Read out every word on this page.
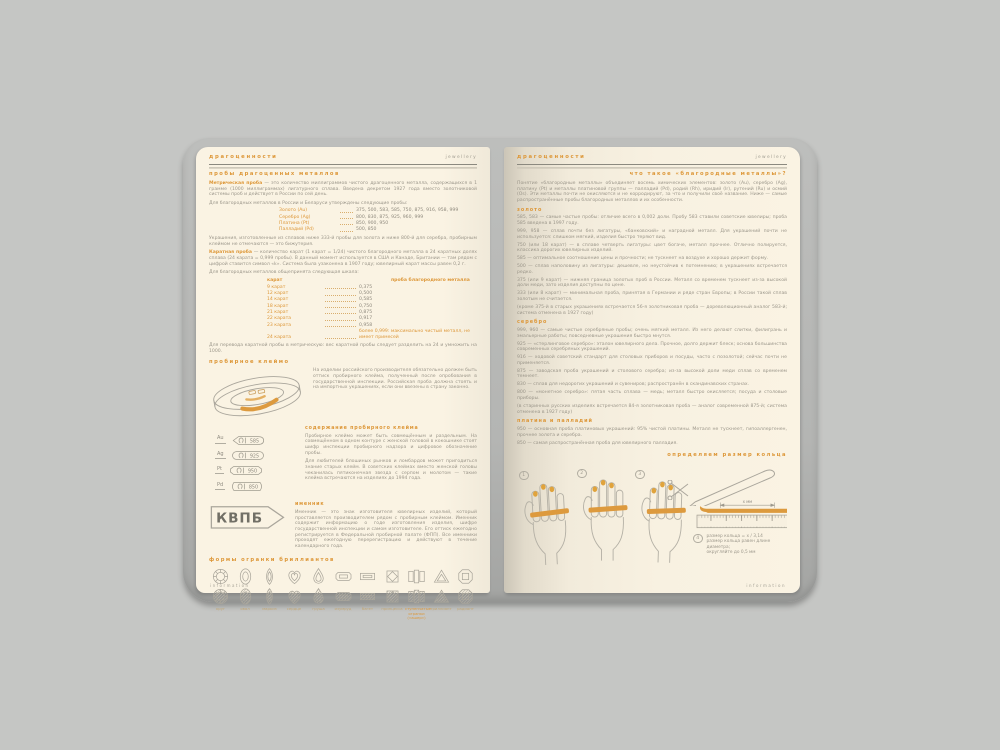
драгоценности	jewellery
пробы драгоценных металлов

Метрическая проба — это количество миллиграммов чистого драгоценного металла, содержащихся в 1 грамме (1000 миллиграммах) лигатурного сплава. Введена декретом 1927 года вместо золотниковой системы проб и действует в России по сей день.

Для благородных металлов в России и Беларуси утверждены следующие пробы:

Золото (Au)	375, 500, 583, 585, 750, 875, 916, 958, 999
Серебро (Ag)	800, 830, 875, 925, 960, 999
Платина (Pt)	850, 900, 950
Палладий (Pd)	500, 850

Украшения, изготовленные из сплавов ниже 333-й пробы для золота и ниже 800-й для серебра, пробирным клеймом не отмечаются — это бижутерия.

Каратная проба — количество карат (1 карат = 1/24) чистого благородного металла в 24 каратных долях сплава (24 карата = 0,999 пробы). В данный момент используется в США и Канаде, Британии — там рядом с цифрой ставится символ «k». Система была узаконена в 1907 году; ювелирный карат массы равен 0,2 г.

Для благородных металлов общепринята следующая шкала:

карат	проба благородного металла
9 карат	0,375
12 карат	0,500
14 карат	0,585
18 карат	0,750
21 карат	0,875
22 карата	0,917
23 карата	0,958
24 карата
более 0,999: максимально чистый металл, не имеет примесей

Для перевода каратной пробы в метрическую: вес каратной пробы следует разделить на 24 и умножить на 1000.

пробирное клеймо

На изделии российского производителя обязательно должен быть оттиск пробирного клейма, полученный после опробования в государственной инспекции. Российская проба должна стоять и на импортных украшениях, если они ввезены в страну законно.

содержание пробирного клейма
Au
585
Ag
925
Pt
950
Pd
850

Пробирное клеймо может быть совмещённым и раздельным. На совмещённом в одном контуре с женской головой в кокошнике стоят шифр инспекции пробирного надзора и цифровое обозначение пробы.

Для любителей блошиных рынков и ломбардов может пригодиться знание старых клейм. В советских клеймах вместо женской головы чеканилась пятиконечная звезда с серпом и молотом — такие клейма встречаются на изделиях до 1994 года.

КВПБ
именник

Именник — это знак изготовителя ювелирных изделий, который проставляется производителем рядом с пробирным клеймом. Именник содержит информацию о годе изготовления изделия, шифре государственной инспекции и самом изготовителе. Его оттиск ежегодно регистрируется в Федеральной пробирной палате (ФПП). Все именники проходят ежегодную перерегистрацию и действуют в течение календарного года.

формы огранки бриллиантов
круг	овал	маркиз	сердце	груша	изумруд	багет	принцесса ступенчатые огранки («ашер»)
триллиант	радиант
information
драгоценности	jewellery
что такое «благородные металлы»?

Понятие «благородные металлы» объединяет восемь химических элементов: золото (Au), серебро (Ag), платину (Pt) и металлы платиновой группы — палладий (Pd), родий (Rh), иридий (Ir), рутений (Ru) и осмий (Os). Эти металлы почти не окисляются и не корродируют, за что и получили своё название. Ниже — самые распространённые пробы благородных металлов и их особенности.

золото

585, 583 — самые частые пробы: отличие всего в 0,002 доли. Пробу 583 ставили советские ювелиры; проба 585 введена в 1997 году.

999, 958 — сплав почти без лигатуры, «банковский» и наградной металл. Для украшений почти не используется: слишком мягкий, изделия быстро теряют вид.

750 (или 18 карат) — в сплаве четверть лигатуры: цвет богаче, металл прочнее. Отлично полируется, классика дорогих ювелирных изделий.

585 — оптимальное соотношение цены и прочности; не тускнеет на воздухе и хорошо держит форму.

500 — сплав наполовину из лигатуры: дешевле, но неустойчив к потемнению; в украшениях встречается редко.

375 (или 9 карат) — нижняя граница золотых проб в России. Металл со временем тускнеет из-за высокой доли меди, зато изделия доступны по цене.

333 (или 8 карат) — минимальная проба, принятая в Германии и ряде стран Европы; в России такой сплав золотым не считается.

(кроме 375-й в старых украшениях встречается 56-я золотниковая проба — дореволюционный аналог 583-й; система отменена в 1927 году)

серебро

999, 960 — самые чистые серебряные пробы; очень мягкий металл. Из него делают слитки, филигрань и эмальерные работы; повседневные украшения быстро мнутся.

925 — «стерлинговое серебро»: эталон ювелирного дела. Прочное, долго держит блеск; основа большинства современных серебряных украшений.

916 — ходовой советский стандарт для столовых приборов и посуды, часто с позолотой; сейчас почти не применяется.

875 — заводская проба украшений и столового серебра; из-за высокой доли меди сплав со временем темнеет.

830 — сплав для недорогих украшений и сувениров; распространён в скандинавских странах.

800 — «монетное серебро»: пятая часть сплава — медь; металл быстро окисляется; посуда и столовые приборы.

(в старинных русских изделиях встречается 84-я золотниковая проба — аналог современной 875-й; система отменена в 1927 году)

платина и палладий

950 — основная проба платиновых украшений: 95% чистой платины. Металл не тускнеет, гипоаллергенен, прочнее золота и серебра.

850 — самая распространённая проба для ювелирного палладия.

определяем размер кольца
1	2	3
х мм
4	размер кольца = х / 3,14
размер кольца равен длине диаметра;
округляйте до 0,5 мм
information
